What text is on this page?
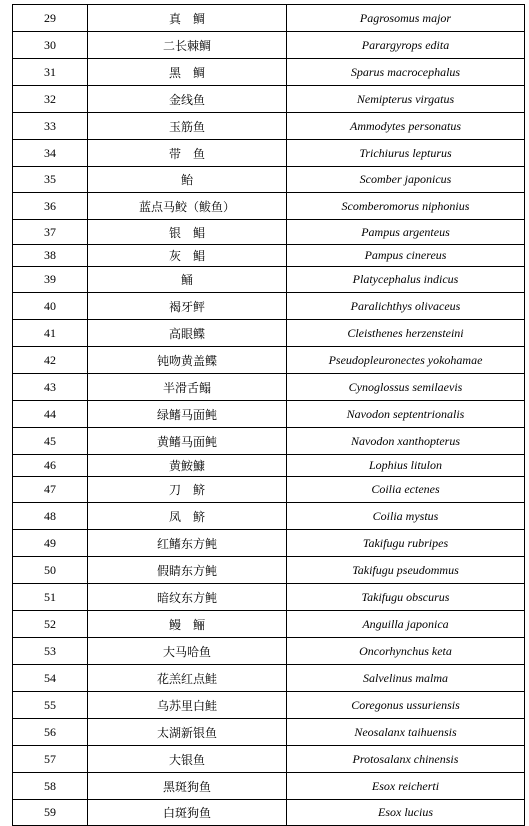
29	真　鲷	Pagrosomus major
30	二长棘鲷	Parargyrops edita
31	黑　鲷	Sparus macrocephalus
32	金线鱼	Nemipterus virgatus
33	玉筋鱼	Ammodytes personatus
34	带　鱼	Trichiurus lepturus
35	鲐	Scomber japonicus
36	蓝点马鲛（鲅鱼）	Scomberomorus niphonius
37	银　鲳	Pampus argenteus
38	灰　鲳	Pampus cinereus
39	鲬	Platycephalus indicus
40	褐牙鲆	Paralichthys olivaceus
41	高眼鲽	Cleisthenes herzensteini
42	钝吻黄盖鲽	Pseudopleuronectes yokohamae
43	半滑舌鳎	Cynoglossus semilaevis
44	绿鳍马面鲀	Navodon septentrionalis
45	黄鳍马面鲀	Navodon xanthopterus
46	黄鮟鱇	Lophius litulon
47	刀　鲚	Coilia ectenes
48	凤　鲚	Coilia mystus
49	红鳍东方鲀	Takifugu rubripes
50	假睛东方鲀	Takifugu pseudommus
51	暗纹东方鲀	Takifugu obscurus
52	鳗　鲡	Anguilla japonica
53	大马哈鱼	Oncorhynchus keta
54	花羔红点鲑	Salvelinus malma
55	乌苏里白鲑	Coregonus ussuriensis
56	太湖新银鱼	Neosalanx taihuensis
57	大银鱼	Protosalanx chinensis
58	黑斑狗鱼	Esox reicherti
59	白斑狗鱼	Esox lucius
